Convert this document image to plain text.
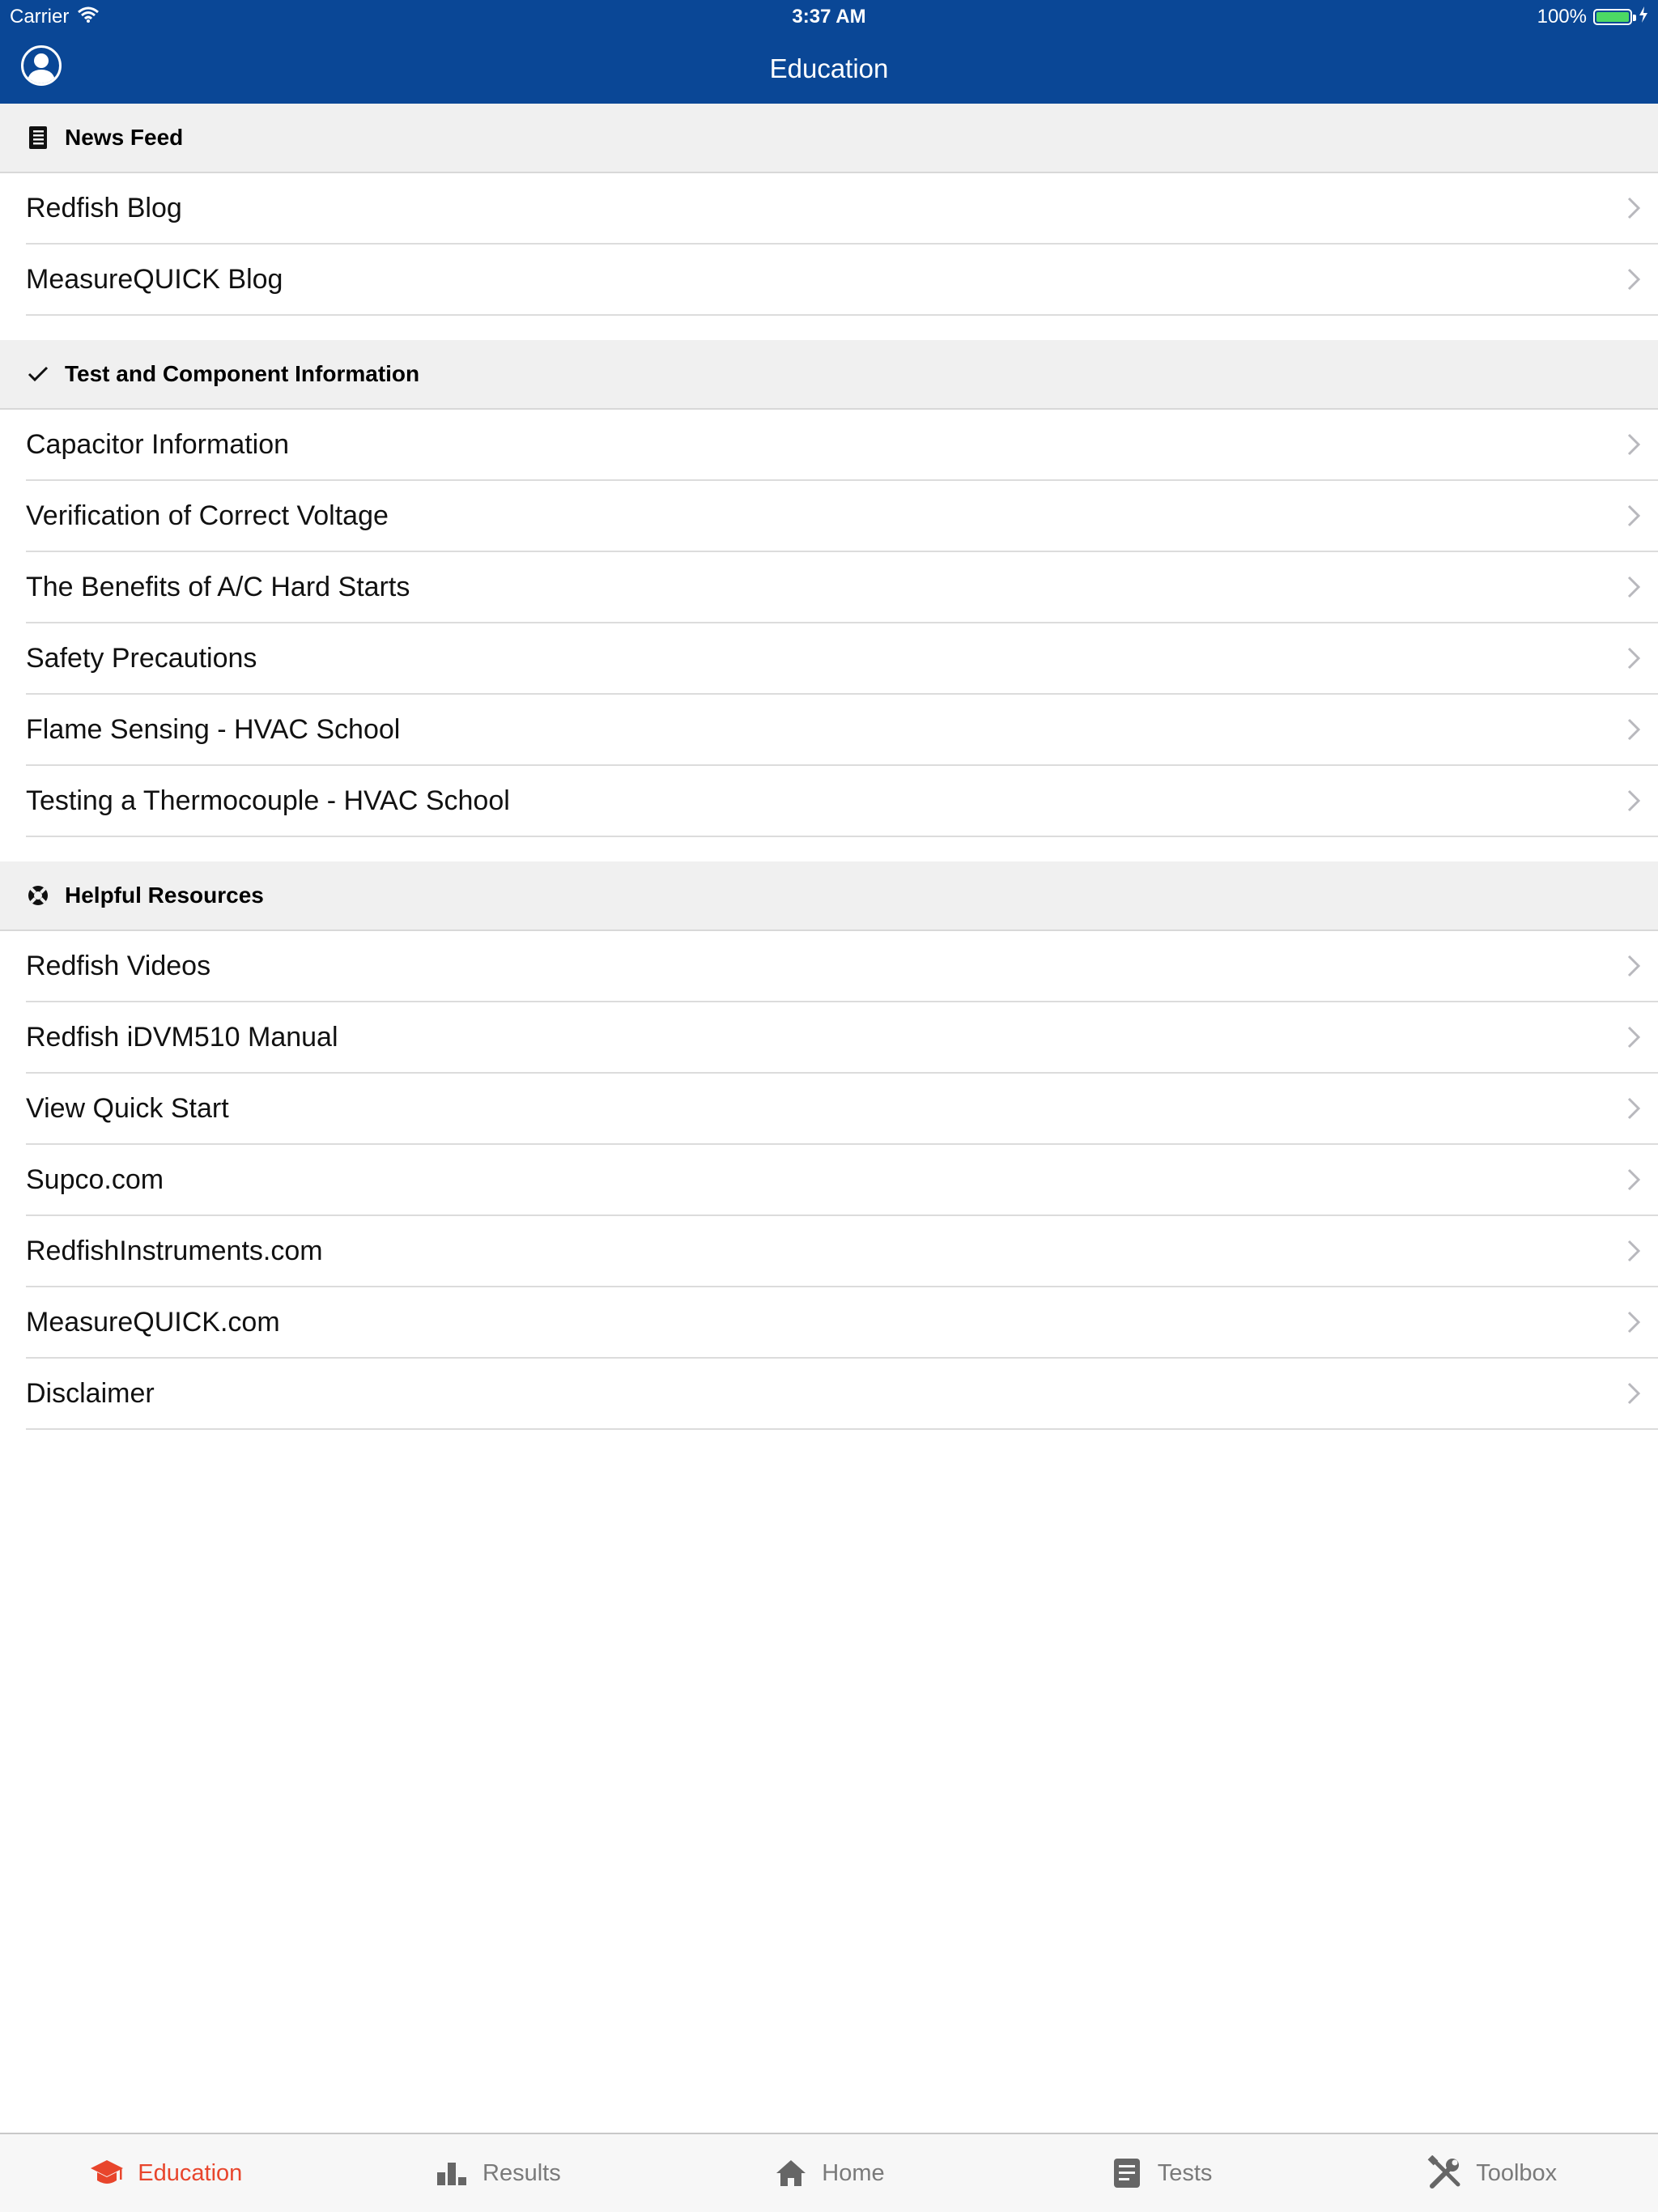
Carrier	3:37 AM	100%
Education
News Feed
Redfish Blog
MeasureQUICK Blog
Test and Component Information
Capacitor Information
Verification of Correct Voltage
The Benefits of A/C Hard Starts
Safety Precautions
Flame Sensing - HVAC School
Testing a Thermocouple - HVAC School
Helpful Resources
Redfish Videos
Redfish iDVM510 Manual
View Quick Start
Supco.com
RedfishInstruments.com
MeasureQUICK.com
Disclaimer
Education	Results	Home	Tests	Toolbox
